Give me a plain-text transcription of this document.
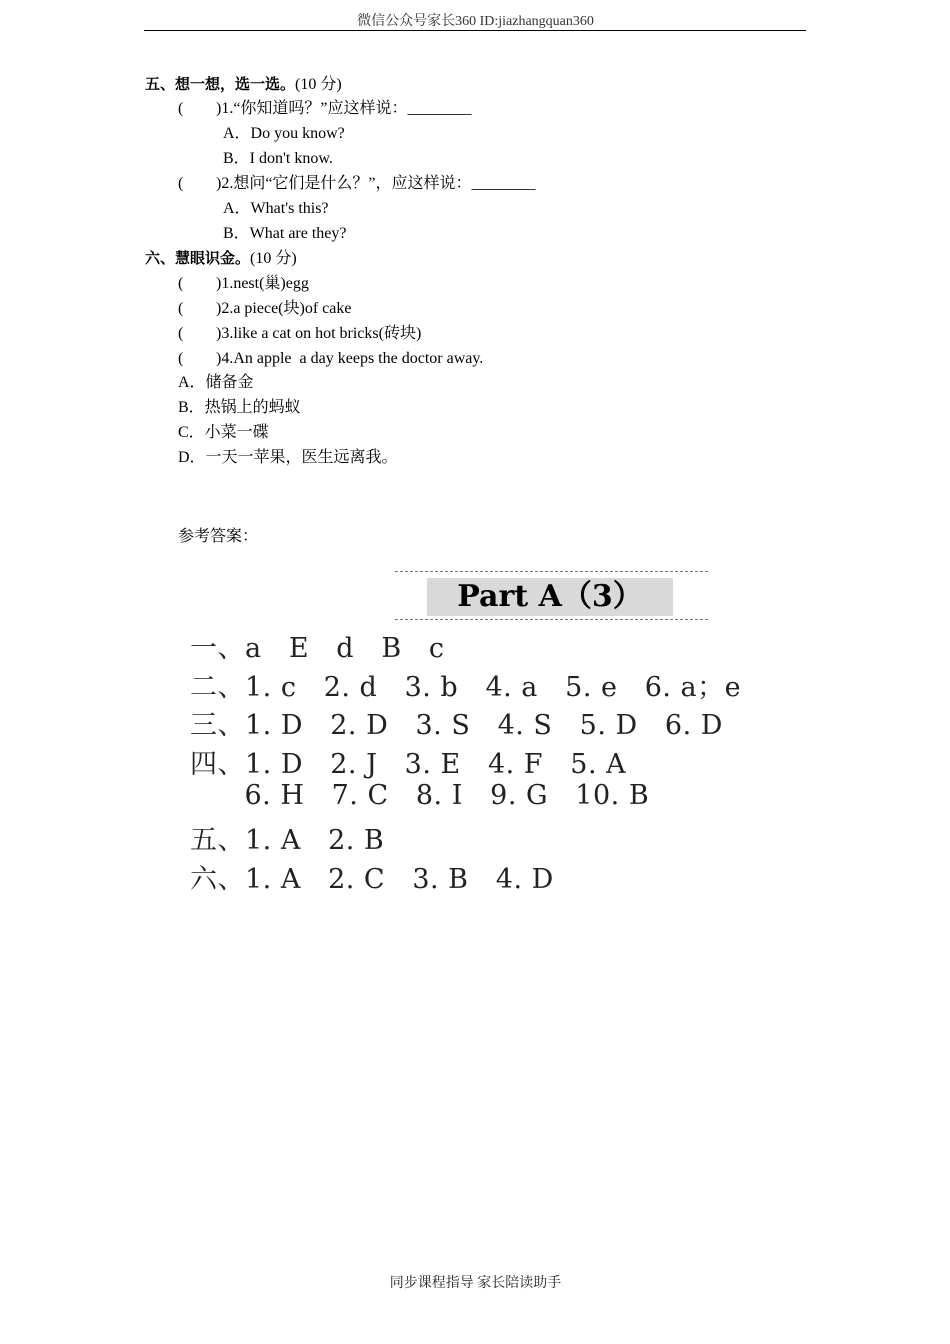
微信公众号家长360 ID:jiazhangquan360
五、想一想，选一选。(10 分)
( )1.“你知道吗？”应这样说：________
A．Do you know?
B．I don't know.
( )2.想问“它们是什么？”，应这样说：________
A．What's this?
B．What are they?
六、慧眼识金。(10 分)
( )1.nest(巢)egg
( )2.a piece(块)of cake
( )3.like a cat on hot bricks(砖块)
( )4.An apple  a day keeps the doctor away.
A．储备金
B．热锅上的蚂蚁
C．小菜一碟
D．一天一苹果，医生远离我。
参考答案：
Part A（3）
一、a   E   d   B   c
二、1. c   2. d   3. b   4. a   5. e   6. a；e
三、1. D   2. D   3. S   4. S   5. D   6. D
四、1. D   2. J   3. E   4. F   5. A
6. H   7. C   8. I   9. G   10. B
五、1. A   2. B
六、1. A   2. C   3. B   4. D
同步课程指导 家长陪读助手
